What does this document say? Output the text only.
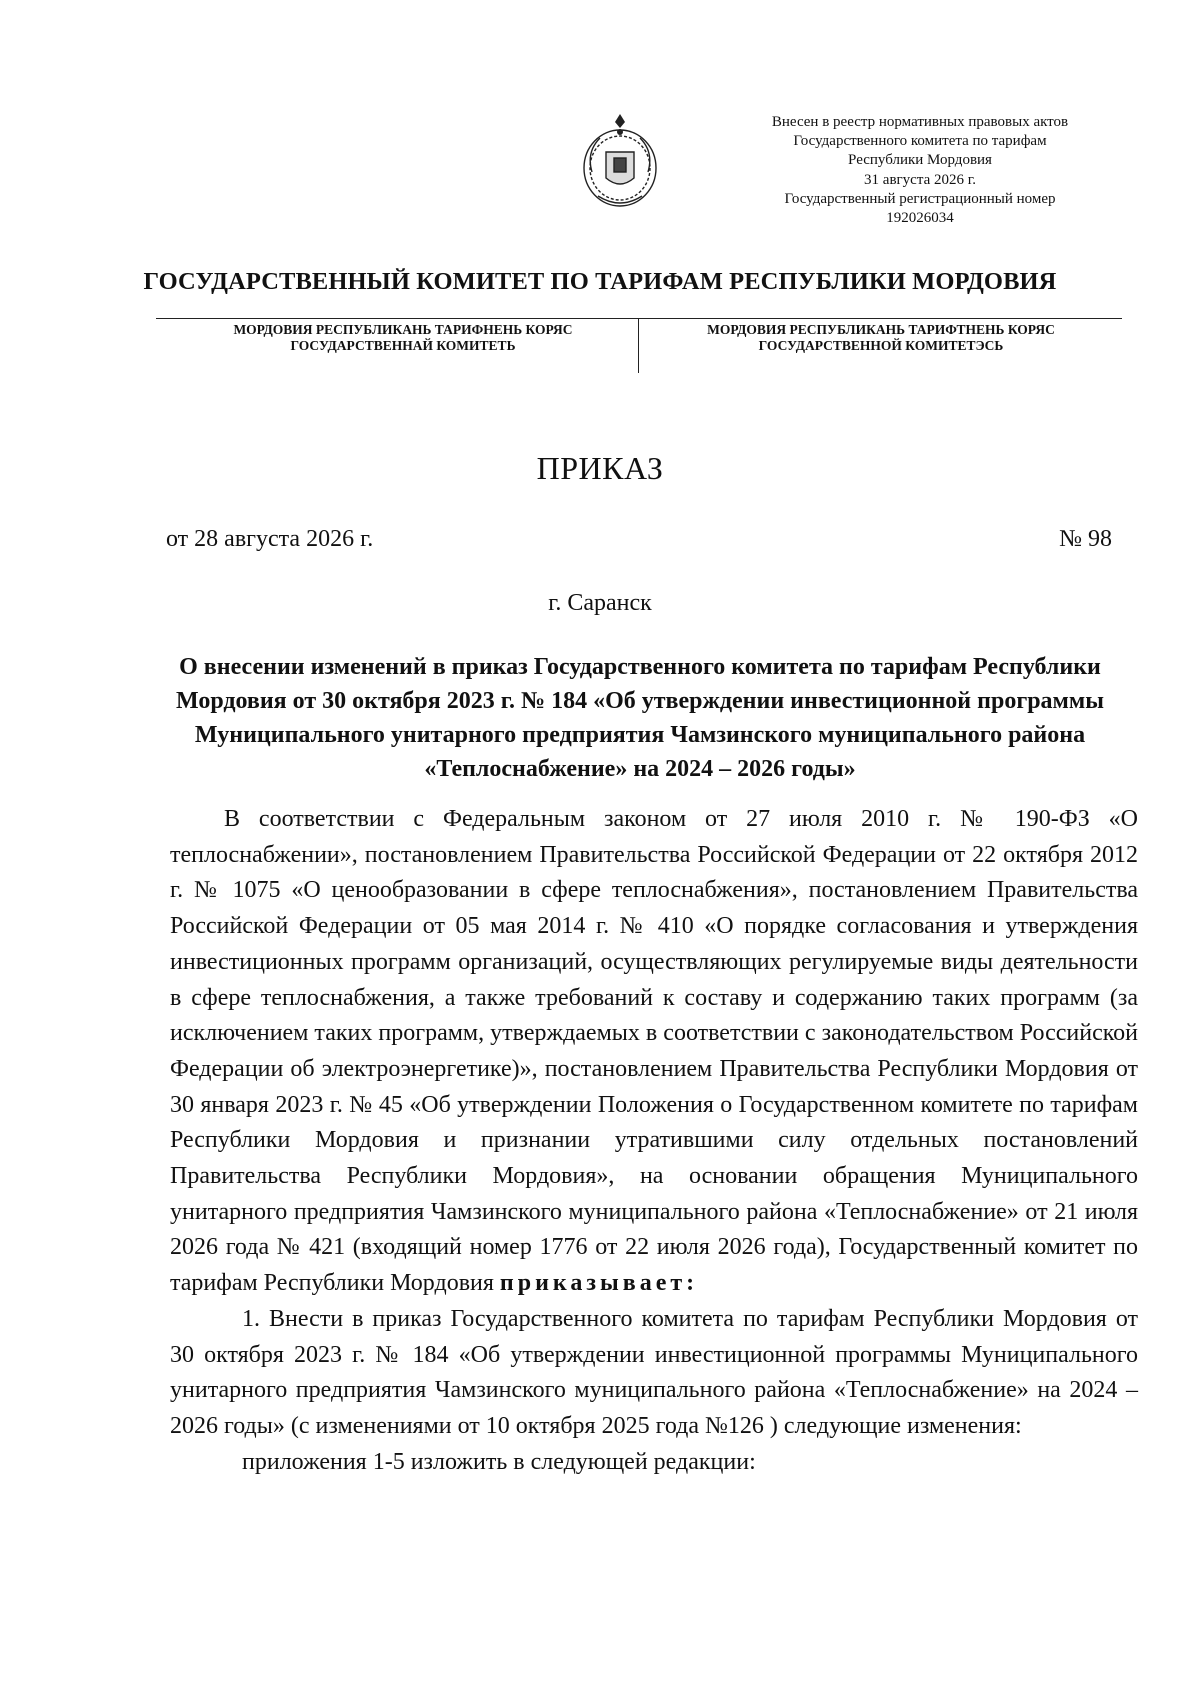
Внесен в реестр нормативных правовых актов
Государственного комитета по тарифам
Республики Мордовия
31 августа 2026 г.
Государственный регистрационный номер
192026034
ГОСУДАРСТВЕННЫЙ КОМИТЕТ ПО ТАРИФАМ РЕСПУБЛИКИ МОРДОВИЯ
МОРДОВИЯ РЕСПУБЛИКАНЬ ТАРИФНЕНЬ КОРЯС
ГОСУДАРСТВЕННАЙ КОМИТЕТЬ
МОРДОВИЯ РЕСПУБЛИКАНЬ ТАРИФТНЕНЬ КОРЯС
ГОСУДАРСТВЕННОЙ КОМИТЕТЭСЬ
ПРИКАЗ
от 28 августа 2026 г.	№ 98
г. Саранск
О внесении изменений в приказ Государственного комитета по тарифам Республики Мордовия от 30 октября 2023 г. № 184 «Об утверждении инвестиционной программы Муниципального унитарного предприятия Чамзинского муниципального района «Теплоснабжение» на 2024 – 2026 годы»

В соответствии с Федеральным законом от 27 июля 2010 г. № 190-ФЗ «О теплоснабжении», постановлением Правительства Российской Федерации от 22 октября 2012 г. № 1075 «О ценообразовании в сфере теплоснабжения», постановлением Правительства Российской Федерации от 05 мая 2014 г. № 410 «О порядке согласования и утверждения инвестиционных программ организаций, осуществляющих регулируемые виды деятельности в сфере теплоснабжения, а также требований к составу и содержанию таких программ (за исключением таких программ, утверждаемых в соответствии с законодательством Российской Федерации об электроэнергетике)», постановлением Правительства Республики Мордовия от 30 января 2023 г. № 45 «Об утверждении Положения о Государственном комитете по тарифам Республики Мордовия и признании утратившими силу отдельных постановлений Правительства Республики Мордовия», на основании обращения Муниципального унитарного предприятия Чамзинского муниципального района «Теплоснабжение» от 21 июля 2026 года № 421 (входящий номер 1776 от 22 июля 2026 года), Государственный комитет по тарифам Республики Мордовия приказывает:

1. Внести в приказ Государственного комитета по тарифам Республики Мордовия от 30 октября 2023 г. № 184 «Об утверждении инвестиционной программы Муниципального унитарного предприятия Чамзинского муниципального района «Теплоснабжение» на 2024 – 2026 годы» (с изменениями от 10 октября 2025 года №126 ) следующие изменения:

приложения 1-5 изложить в следующей редакции:
